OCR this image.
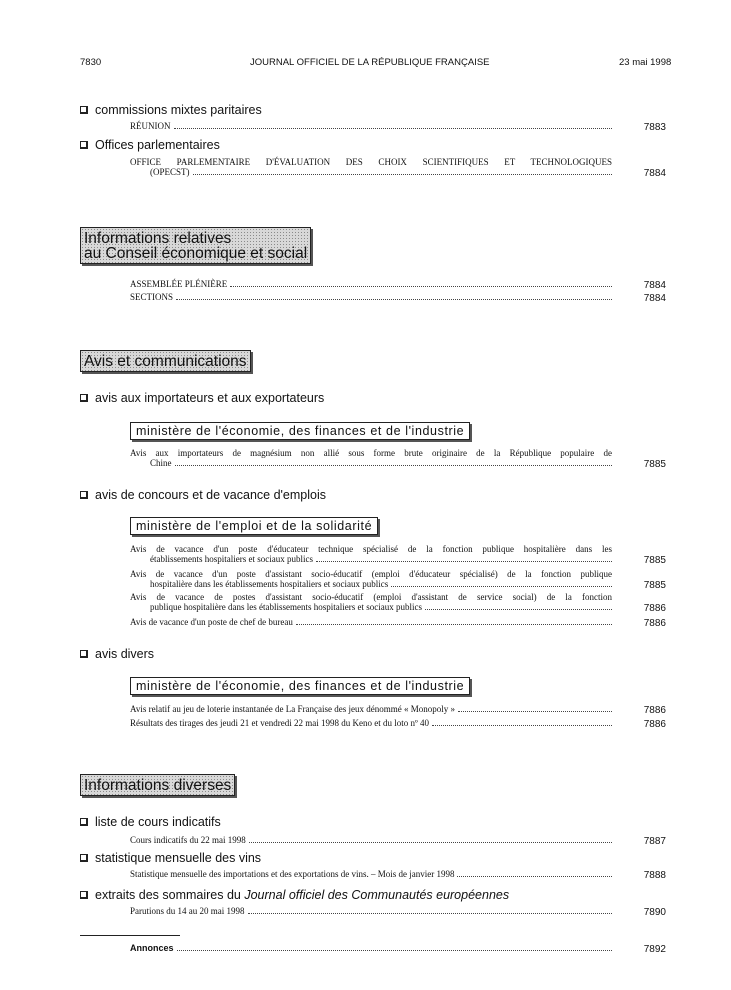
7830	JOURNAL OFFICIEL DE LA RÉPUBLIQUE FRANÇAISE	23 mai 1998
commissions mixtes paritaires
RÉUNION	7883
Offices parlementaires
OFFICE PARLEMENTAIRE D'ÉVALUATION DES CHOIX SCIENTIFIQUES ET TECHNOLOGIQUES
(OPECST)	7884
Informations relatives
au Conseil économique et social
ASSEMBLÉE PLÉNIÈRE	7884
SECTIONS	7884
Avis et communications
avis aux importateurs et aux exportateurs
ministère de l'économie, des finances et de l'industrie
Avis aux importateurs de magnésium non allié sous forme brute originaire de la République populaire de
Chine	7885
avis de concours et de vacance d'emplois
ministère de l'emploi et de la solidarité
Avis de vacance d'un poste d'éducateur technique spécialisé de la fonction publique hospitalière dans les
établissements hospitaliers et sociaux publics	7885
Avis de vacance d'un poste d'assistant socio-éducatif (emploi d'éducateur spécialisé) de la fonction publique
hospitalière dans les établissements hospitaliers et sociaux publics	7885
Avis de vacance de postes d'assistant socio-éducatif (emploi d'assistant de service social) de la fonction
publique hospitalière dans les établissements hospitaliers et sociaux publics	7886
Avis de vacance d'un poste de chef de bureau	7886
avis divers
ministère de l'économie, des finances et de l'industrie
Avis relatif au jeu de loterie instantanée de La Française des jeux dénommé « Monopoly »	7886
Résultats des tirages des jeudi 21 et vendredi 22 mai 1998 du Keno et du loto nº 40	7886
Informations diverses
liste de cours indicatifs
Cours indicatifs du 22 mai 1998	7887
statistique mensuelle des vins
Statistique mensuelle des importations et des exportations de vins. – Mois de janvier 1998	7888
extraits des sommaires du Journal officiel des Communautés européennes
Parutions du 14 au 20 mai 1998	7890
Annonces	7892
